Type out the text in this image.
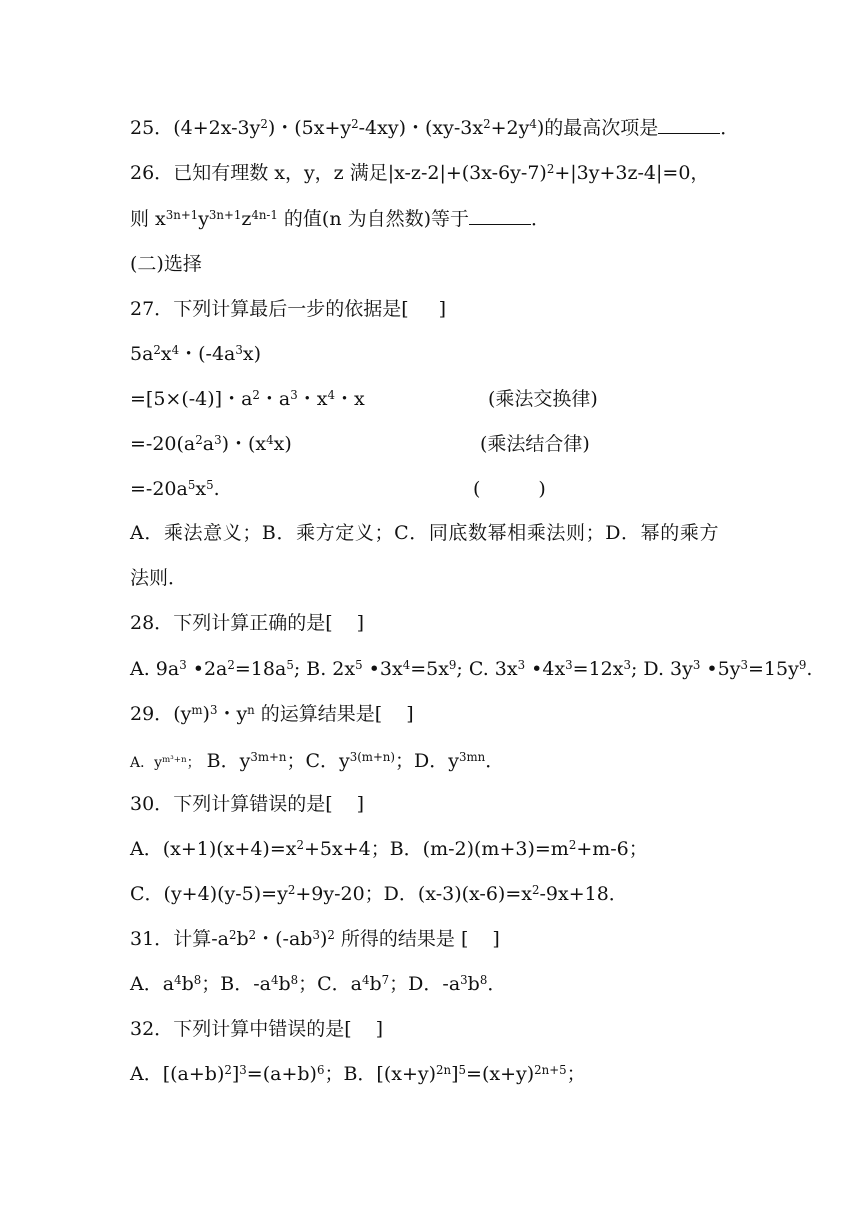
25．$(4+2x-3y^2)$・$(5x+y^2-4xy)$・$(xy-3x^2+2y^4)$的最高次项是	．
26．已知有理数 x，y，z 满足$|x-z-2|+(3x-6y-7)^2+|3y+3z-4|=0$，
则 $x^{3n+1}y^{3n+1}z^{4n-1}$ 的值(n 为自然数)等于	．
(二)选择
27．下列计算最后一步的依据是[ ]
$5a^2x^4$・$(-4a^3x)$
=[5×(-4)]・$a^2$・$a^3$・$x^4$・x	(乘法交换律)
$=-20(a^2a^3)$・$(x^4x)$	(乘法结合律)
$=-20a^5x^5$.	(	)
A．乘法意义；B．乘方定义；C．同底数幂相乘法则；D．幂的乘方
法则．
28．下列计算正确的是[ ]
A. $9a^3$ $•2a^2=18a^5$; B. $2x^5$ $•3x^4=5x^9$; C. $3x^3$ $•4x^3=12x^3$; D. $3y^3$ $•5y^3=15y^9$.
29．$(y^m)^3$・$y^n$ 的运算结果是[ ]
A．$y^{m^3+n}$； B．$y^{3m+n}$；C．$y^{3(m+n)}$；D．$y^{3mn}$．
30．下列计算错误的是[ ]
A．$(x+1)(x+4)=x^2+5x+4$；B．$(m-2)(m+3)=m^2+m-6$；
C．$(y+4)(y-5)=y^2+9y-20$；D．$(x-3)(x-6)=x^2-9x+18$．
31．计算$-a^2b^2$・$(-ab^3)^2$ 所得的结果是 [ ]
A．$a^4b^8$；B．$-a^4b^8$；C．$a^4b^7$；D．$-a^3b^8$．
32．下列计算中错误的是[ ]
A．$[(a+b)^2]^3=(a+b)^6$；B．$[(x+y)^{2n}]^5=(x+y)^{2n+5}$；
